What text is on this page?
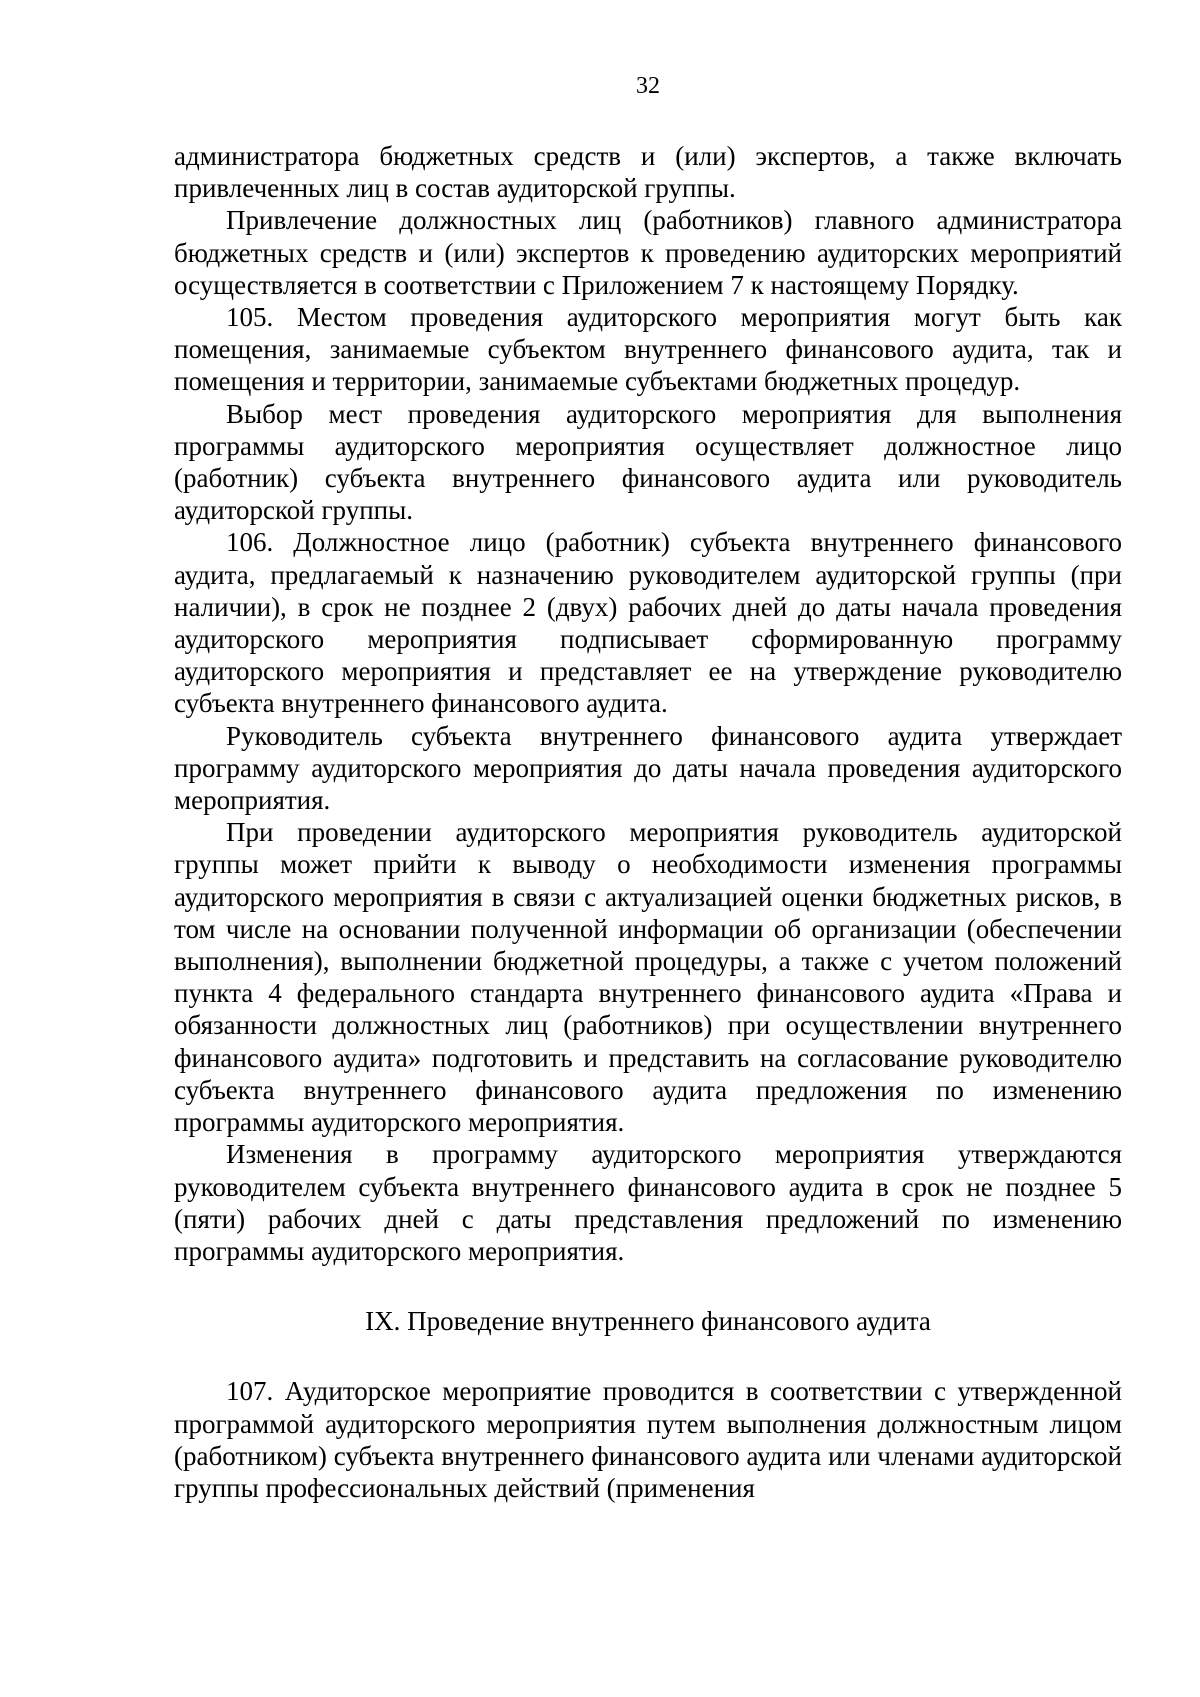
32

администратора бюджетных средств и (или) экспертов, а также включать привлеченных лиц в состав аудиторской группы.

Привлечение должностных лиц (работников) главного администратора бюджетных средств и (или) экспертов к проведению аудиторских мероприятий осуществляется в соответствии с Приложением 7 к настоящему Порядку.

105. Местом проведения аудиторского мероприятия могут быть как помещения, занимаемые субъектом внутреннего финансового аудита, так и помещения и территории, занимаемые субъектами бюджетных процедур.

Выбор мест проведения аудиторского мероприятия для выполнения программы аудиторского мероприятия осуществляет должностное лицо (работник) субъекта внутреннего финансового аудита или руководитель аудиторской группы.

106. Должностное лицо (работник) субъекта внутреннего финансового аудита, предлагаемый к назначению руководителем аудиторской группы (при наличии), в срок не позднее 2 (двух) рабочих дней до даты начала проведения аудиторского мероприятия подписывает сформированную программу аудиторского мероприятия и представляет ее на утверждение руководителю субъекта внутреннего финансового аудита.

Руководитель субъекта внутреннего финансового аудита утверждает программу аудиторского мероприятия до даты начала проведения аудиторского мероприятия.

При проведении аудиторского мероприятия руководитель аудиторской группы может прийти к выводу о необходимости изменения программы аудиторского мероприятия в связи с актуализацией оценки бюджетных рисков, в том числе на основании полученной информации об организации (обеспечении выполнения), выполнении бюджетной процедуры, а также с учетом положений пункта 4 федерального стандарта внутреннего финансового аудита «Права и обязанности должностных лиц (работников) при осуществлении внутреннего финансового аудита» подготовить и представить на согласование руководителю субъекта внутреннего финансового аудита предложения по изменению программы аудиторского мероприятия.

Изменения в программу аудиторского мероприятия утверждаются руководителем субъекта внутреннего финансового аудита в срок не позднее 5 (пяти) рабочих дней с даты представления предложений по изменению программы аудиторского мероприятия.

IX. Проведение внутреннего финансового аудита

107. Аудиторское мероприятие проводится в соответствии с утвержденной программой аудиторского мероприятия путем выполнения должностным лицом (работником) субъекта внутреннего финансового аудита или членами аудиторской группы профессиональных действий (применения
